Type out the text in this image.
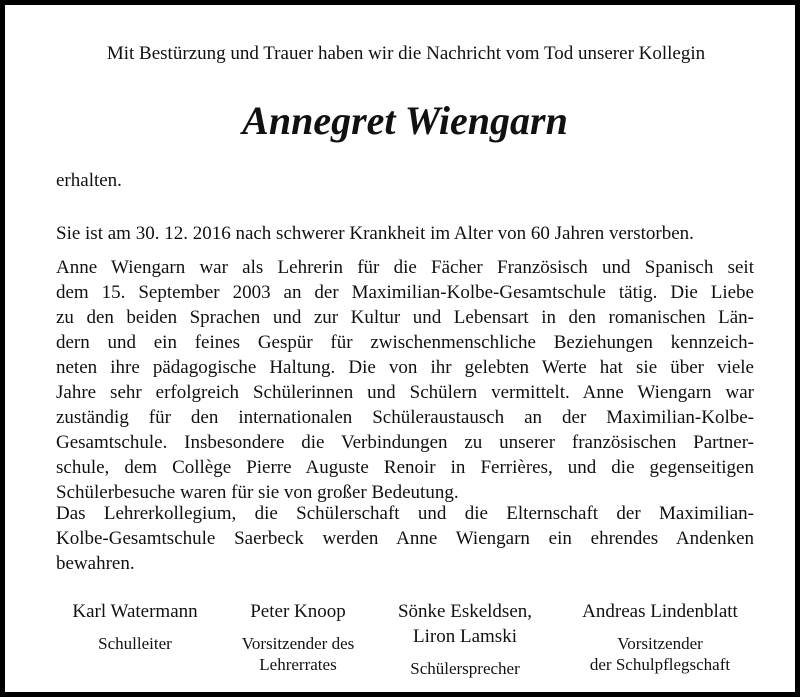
Mit Bestürzung und Trauer haben wir die Nachricht vom Tod unserer Kollegin
Annegret Wiengarn
erhalten.
Sie ist am 30. 12. 2016 nach schwerer Krankheit im Alter von 60 Jahren verstorben.
Anne Wiengarn war als Lehrerin für die Fächer Französisch und Spanisch seit
dem 15. September 2003 an der Maximilian-Kolbe-Gesamtschule tätig. Die Liebe
zu den beiden Sprachen und zur Kultur und Lebensart in den romanischen Län-
dern und ein feines Gespür für zwischenmenschliche Beziehungen kennzeich-
neten ihre pädagogische Haltung. Die von ihr gelebten Werte hat sie über viele
Jahre sehr erfolgreich Schülerinnen und Schülern vermittelt. Anne Wiengarn war
zuständig für den internationalen Schüleraustausch an der Maximilian-Kolbe-
Gesamtschule. Insbesondere die Verbindungen zu unserer französischen Partner-
schule, dem Collège Pierre Auguste Renoir in Ferrières, und die gegenseitigen
Schülerbesuche waren für sie von großer Bedeutung.
Das Lehrerkollegium, die Schülerschaft und die Elternschaft der Maximilian-
Kolbe-Gesamtschule Saerbeck werden Anne Wiengarn ein ehrendes Andenken
bewahren.
Karl Watermann
Schulleiter
Peter Knoop
Vorsitzender des
Lehrerrates
Sönke Eskeldsen,
Liron Lamski
Schülersprecher
Andreas Lindenblatt
Vorsitzender
der Schulpflegschaft
